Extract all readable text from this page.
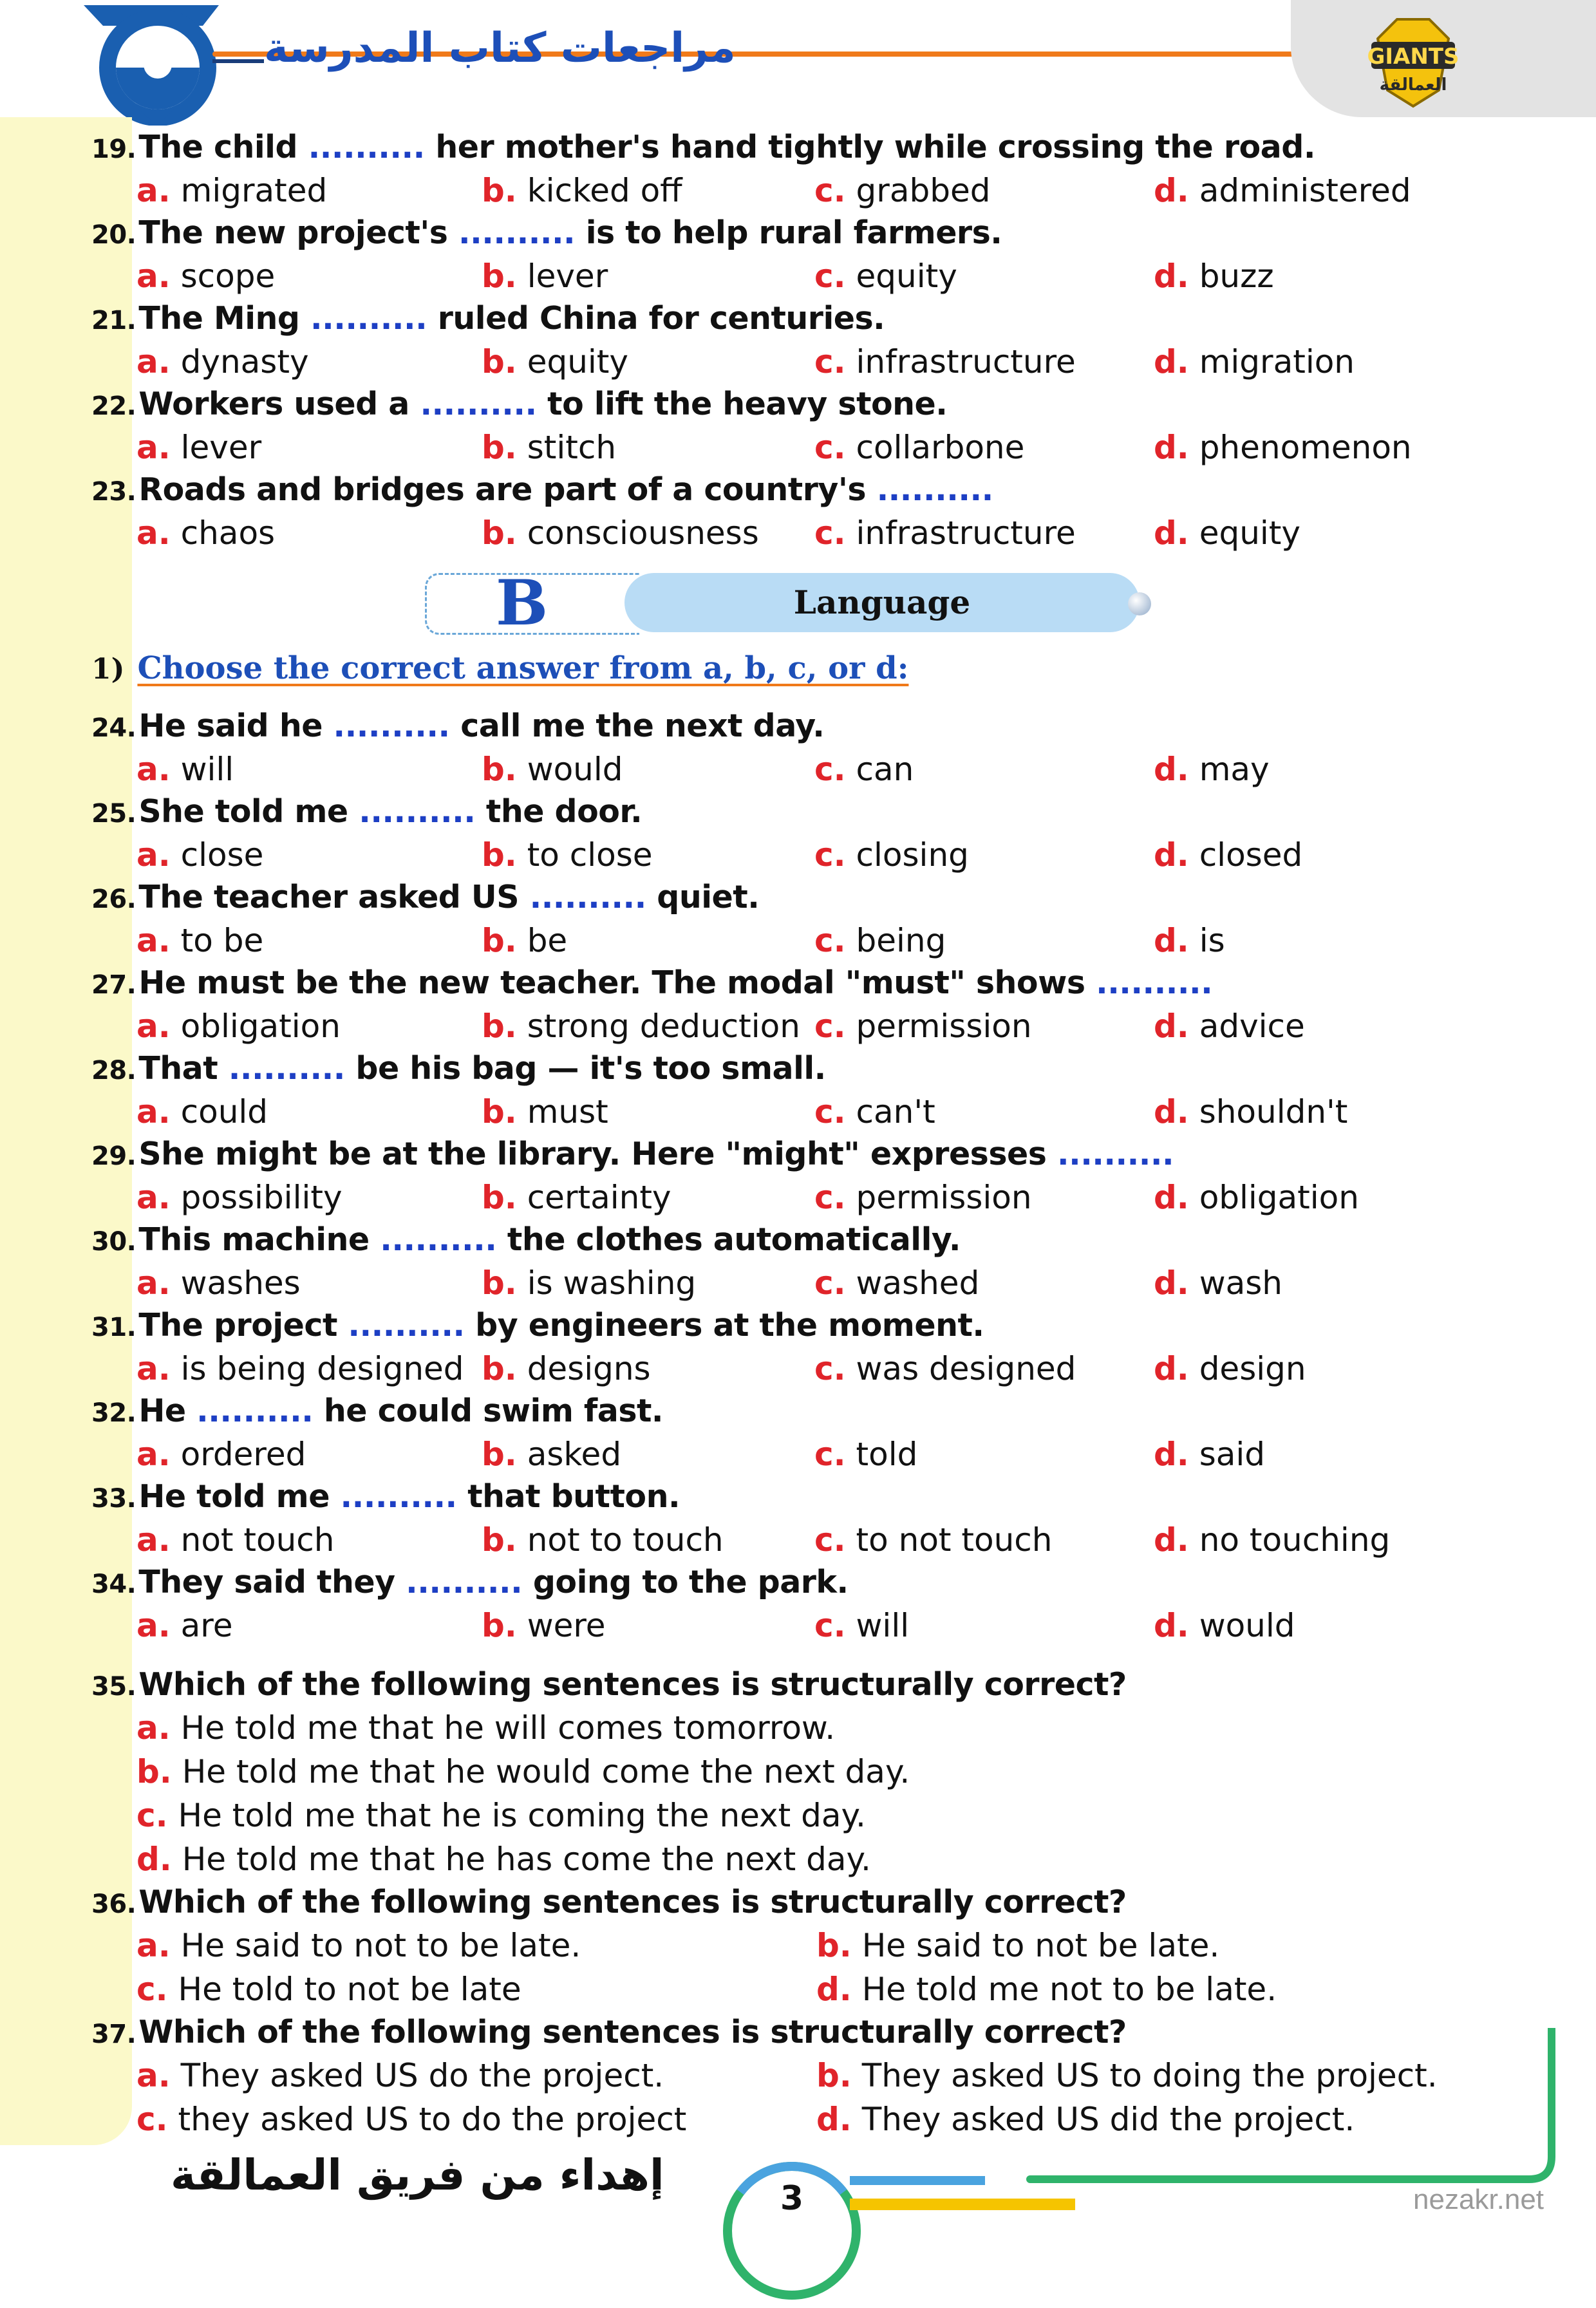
مراجعات كتاب المدرسة	GIANTS
العمالقة
19.The child .......... her mother's hand tightly while crossing the road.
a. migrated	b. kicked off	c. grabbed	d. administered
20.The new project's .......... is to help rural farmers.
a. scope	b. lever	c. equity	d. buzz
21.The Ming .......... ruled China for centuries.
a. dynasty	b. equity	c. infrastructure d. migration
22.Workers used a .......... to lift the heavy stone.
a. lever	b. stitch	c. collarbone	d. phenomenon
23.Roads and bridges are part of a country's ..........
a. chaos	b. consciousness c. infrastructure d. equity
24.He said he .......... call me the next day.
a. will	b. would	c. can	d. may
25.She told me .......... the door.
a. close	b. to close	c. closing	d. closed
26.The teacher asked US .......... quiet.
a. to be	b. be	c. being	d. is
27.He must be the new teacher. The modal "must" shows ..........
a. obligation	b. strong deduction c. permission	d. advice
28.That .......... be his bag — it's too small.
a. could	b. must	c. can't	d. shouldn't
29.She might be at the library. Here "might" expresses ..........
a. possibility	b. certainty	c. permission	d. obligation
30.This machine .......... the clothes automatically.
a. washes	b. is washing	c. washed	d. wash
31.The project .......... by engineers at the moment.
a. is being designed b. designs	c. was designed d. design
32.He .......... he could swim fast.
a. ordered	b. asked	c. told	d. said
33.He told me .......... that button.
a. not touch	b. not to touch	c. to not touch	d. no touching
34.They said they .......... going to the park.
a. are	b. were	c. will	d. would
B	Language
1) Choose the correct answer from a, b, c, or d:
35.Which of the following sentences is structurally correct?
a. He told me that he will comes tomorrow.
b. He told me that he would come the next day.
c. He told me that he is coming the next day.
d. He told me that he has come the next day.
36.Which of the following sentences is structurally correct?
a. He said to not to be late.	b. He said to not be late.
c. He told to not be late	d. He told me not to be late.
37.Which of the following sentences is structurally correct?
a. They asked US do the project.	b. They asked US to doing the project.
c. they asked US to do the project	d. They asked US did the project.
إهداء من فريق العمالقة	3	nezakr.net
